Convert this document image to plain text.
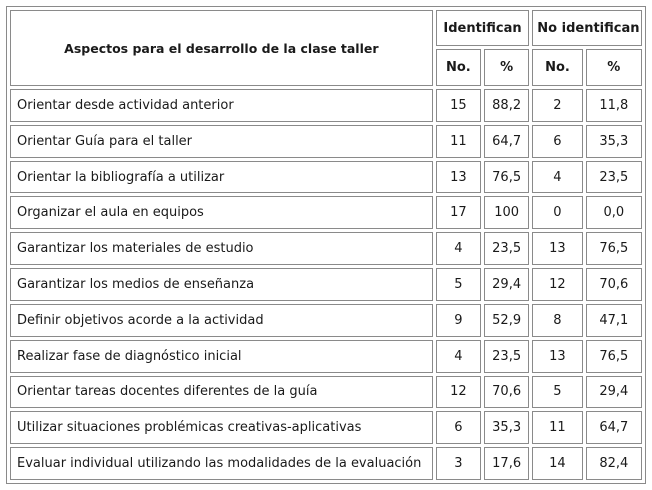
Aspectos para el desarrollo de la clase taller	Identifican		No identifican	
	No.	%	No.	%
Orientar desde actividad anterior	15	88,2	2	11,8
Orientar Guía para el taller	11	64,7	6	35,3
Orientar la bibliografía a utilizar	13	76,5	4	23,5
Organizar el aula en equipos	17	100	0	0,0
Garantizar los materiales de estudio	4	23,5	13	76,5
Garantizar los medios de enseñanza	5	29,4	12	70,6
Definir objetivos acorde a la actividad	9	52,9	8	47,1
Realizar fase de diagnóstico inicial	4	23,5	13	76,5
Orientar tareas docentes diferentes de la guía	12	70,6	5	29,4
Utilizar situaciones problémicas creativas-aplicativas	6	35,3	11	64,7
Evaluar individual utilizando las modalidades de la evaluación	3	17,6	14	82,4
